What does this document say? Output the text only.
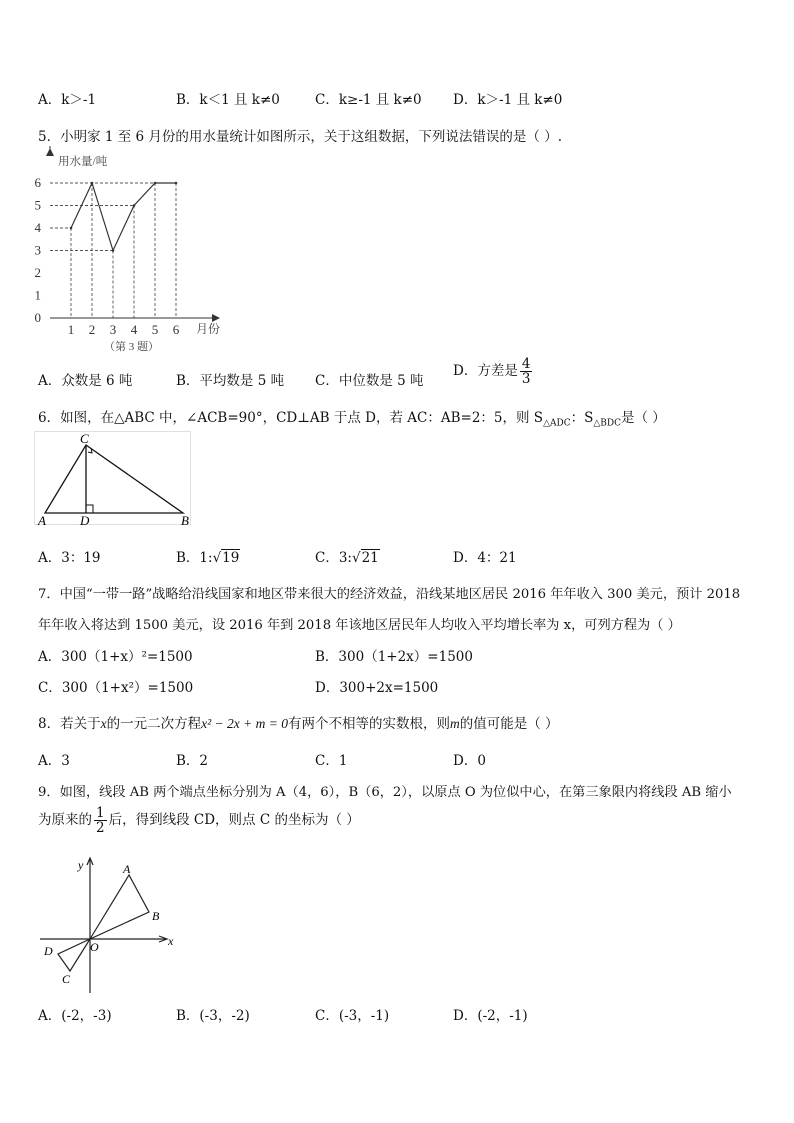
A．k＞-1	B．k＜1 且 k≠0	C．k≥-1 且 k≠0 D．k＞-1 且 k≠0
5．小明家 1 至 6 月份的用水量统计如图所示，关于这组数据，下列说法错误的是（ ）.
0
1
2
3
4
5
6
1 2 3 4 5 6
用水量/吨
月份
（第 3 题）
A．众数是 6 吨	B．平均数是 5 吨 C．中位数是 5 吨
D．方差是 $\frac{4}{3}$
6．如图，在△ABC 中，∠ACB=90°，CD⊥AB 于点 D，若 AC：AB=2：5，则 $S_{\triangle ADC}$：$S_{\triangle BDC}$是（ ）
C
A	D	B
A．3：19	B．1:√19	C．3:√21	D．4：21
7．中国“一带一路”战略给沿线国家和地区带来很大的经济效益，沿线某地区居民 2016 年年收入 300 美元，预计 2018
年年收入将达到 1500 美元，设 2016 年到 2018 年该地区居民年人均收入平均增长率为 x，可列方程为（ ）
A．300（1+x）²=1500	B．300（1+2x）=1500
C．300（1+x²）=1500	D．300+2x=1500
8．若关于x的一元二次方程x² − 2x + m = 0有两个不相等的实数根，则m的值可能是（ ）
A．3	B．2	C．1	D．0
9．如图，线段 AB 两个端点坐标分别为 A（4，6），B（6，2），以原点 O 为位似中心，在第三象限内将线段 AB 缩小
为原来的 $\frac{1}{2}$ 后，得到线段 CD，则点 C 的坐标为（ ）
y
x
A
B
O
D
C
A．(-2，-3)	B．(-3，-2)	C．(-3，-1)	D．(-2，-1)
